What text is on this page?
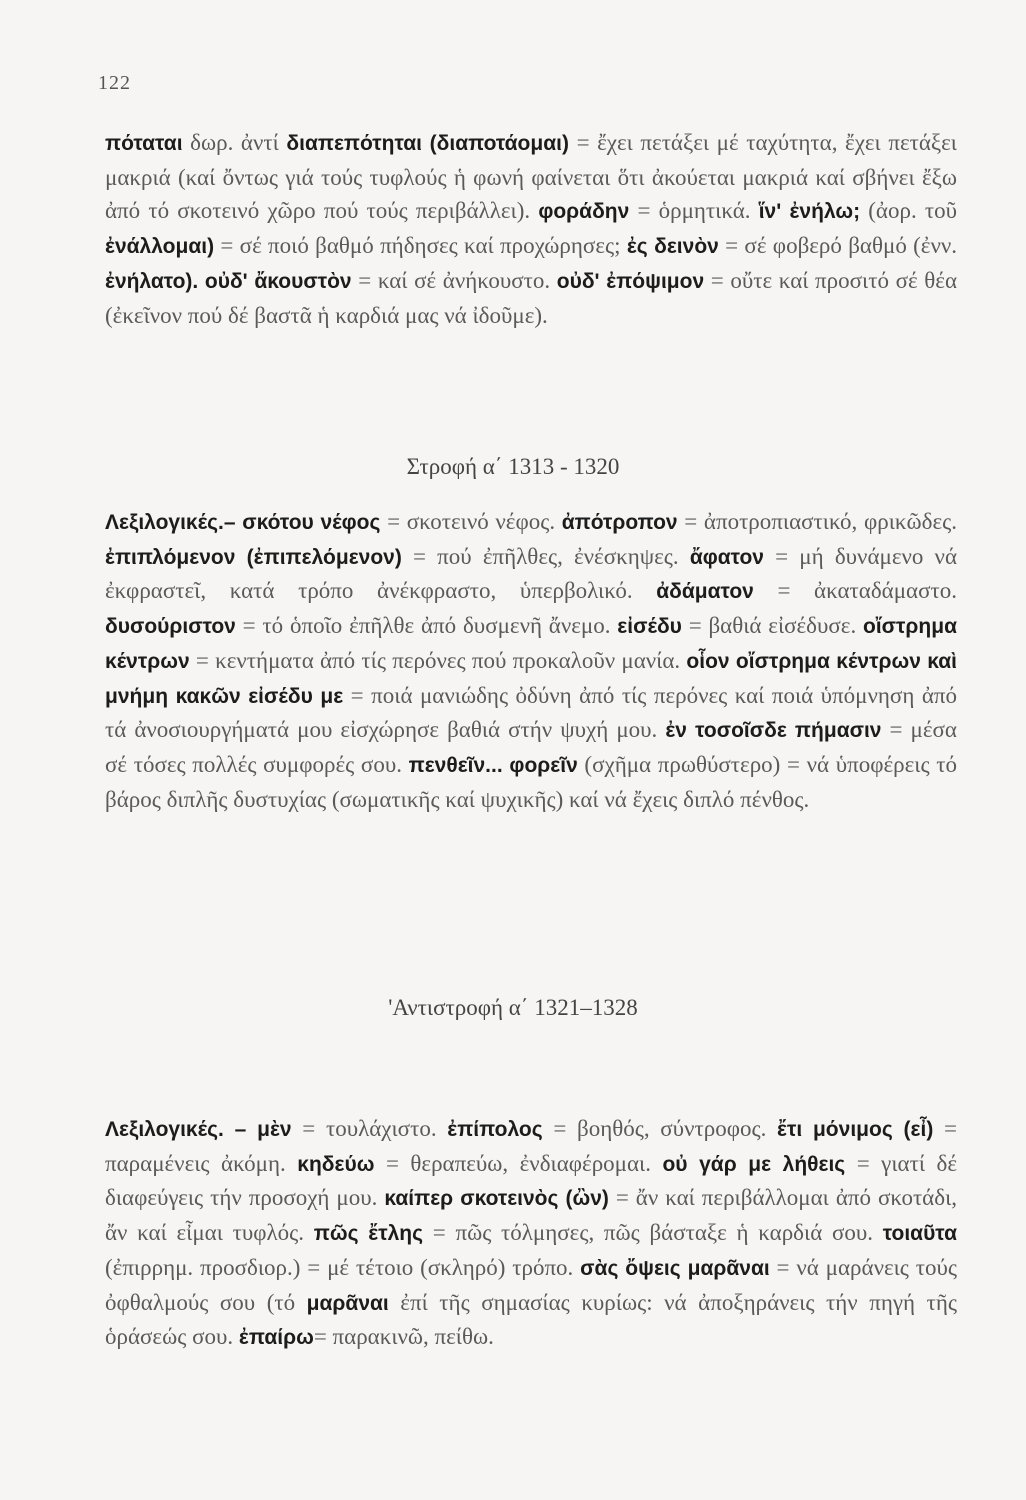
122

πόταται δωρ. ἀντί διαπεπότηται (διαποτάομαι) = ἔχει πετάξει μέ ταχύτητα, ἔχει πετάξει μακριά (καί ὄντως γιά τούς τυφλούς ἡ φωνή φαίνεται ὅτι ἀκούεται μακριά καί σβήνει ἔξω ἀπό τό σκοτεινό χῶρο πού τούς περιβάλλει). φοράδην = ὁρμητικά. ἵν' ἐνήλω; (ἀορ. τοῦ ἐνάλλομαι) = σέ ποιό βαθμό πήδησες καί προχώρησες; ἐς δεινὸν = σέ φοβερό βαθμό (ἐνν. ἐνήλατο). οὐδ' ἄκουστὸν = καί σέ ἀνήκουστο. οὐδ' ἐπόψιμον = οὔτε καί προσιτό σέ θέα (ἐκεῖνον πού δέ βαστᾶ ἡ καρδιά μας νά ἰδοῦμε).

Στροφή α΄ 1313 - 1320

Λεξιλογικές.– σκότου νέφος = σκοτεινό νέφος. ἀπότροπον = ἀποτροπιαστικό, φρικῶδες. ἐπιπλόμενον (ἐπιπελόμενον) = πού ἐπῆλθες, ἐνέσκηψες. ἄφατον = μή δυνάμενο νά ἐκφραστεῖ, κατά τρόπο ἀνέκφραστο, ὑπερβολικό. ἀδάματον = ἀκαταδάμαστο. δυσούριστον = τό ὁποῖο ἐπῆλθε ἀπό δυσμενῆ ἄνεμο. εἰσέδυ = βαθιά εἰσέδυσε. οἴστρημα κέντρων = κεντήματα ἀπό τίς περόνες πού προκαλοῦν μανία. οἷον οἴστρημα κέντρων καὶ μνήμη κακῶν εἰσέδυ με = ποιά μανιώδης ὀδύνη ἀπό τίς περόνες καί ποιά ὑπόμνηση ἀπό τά ἀνοσιουργήματά μου εἰσχώρησε βαθιά στήν ψυχή μου. ἐν τοσοῖσδε πήμασιν = μέσα σέ τόσες πολλές συμφορές σου. πενθεῖν... φορεῖν (σχῆμα πρωθύστερο) = νά ὑποφέρεις τό βάρος διπλῆς δυστυχίας (σωματικῆς καί ψυχικῆς) καί νά ἔχεις διπλό πένθος.

'Αντιστροφή α΄ 1321–1328

Λεξιλογικές. – μὲν = τουλάχιστο. ἐπίπολος = βοηθός, σύντροφος. ἔτι μόνιμος (εἶ) = παραμένεις ἀκόμη. κηδεύω = θεραπεύω, ἐνδιαφέρομαι. οὐ γάρ με λήθεις = γιατί δέ διαφεύγεις τήν προσοχή μου. καίπερ σκοτεινὸς (ὢν) = ἄν καί περιβάλλομαι ἀπό σκοτάδι, ἄν καί εἶμαι τυφλός. πῶς ἔτλης = πῶς τόλμησες, πῶς βάσταξε ἡ καρδιά σου. τοιαῦτα (ἐπιρρημ. προσδιορ.) = μέ τέτοιο (σκληρό) τρόπο. σὰς ὄψεις μαρᾶναι = νά μαράνεις τούς ὀφθαλμούς σου (τό μαρᾶναι ἐπί τῆς σημασίας κυρίως: νά ἀποξηράνεις τήν πηγή τῆς ὁράσεώς σου. ἐπαίρω= παρακινῶ, πείθω.
